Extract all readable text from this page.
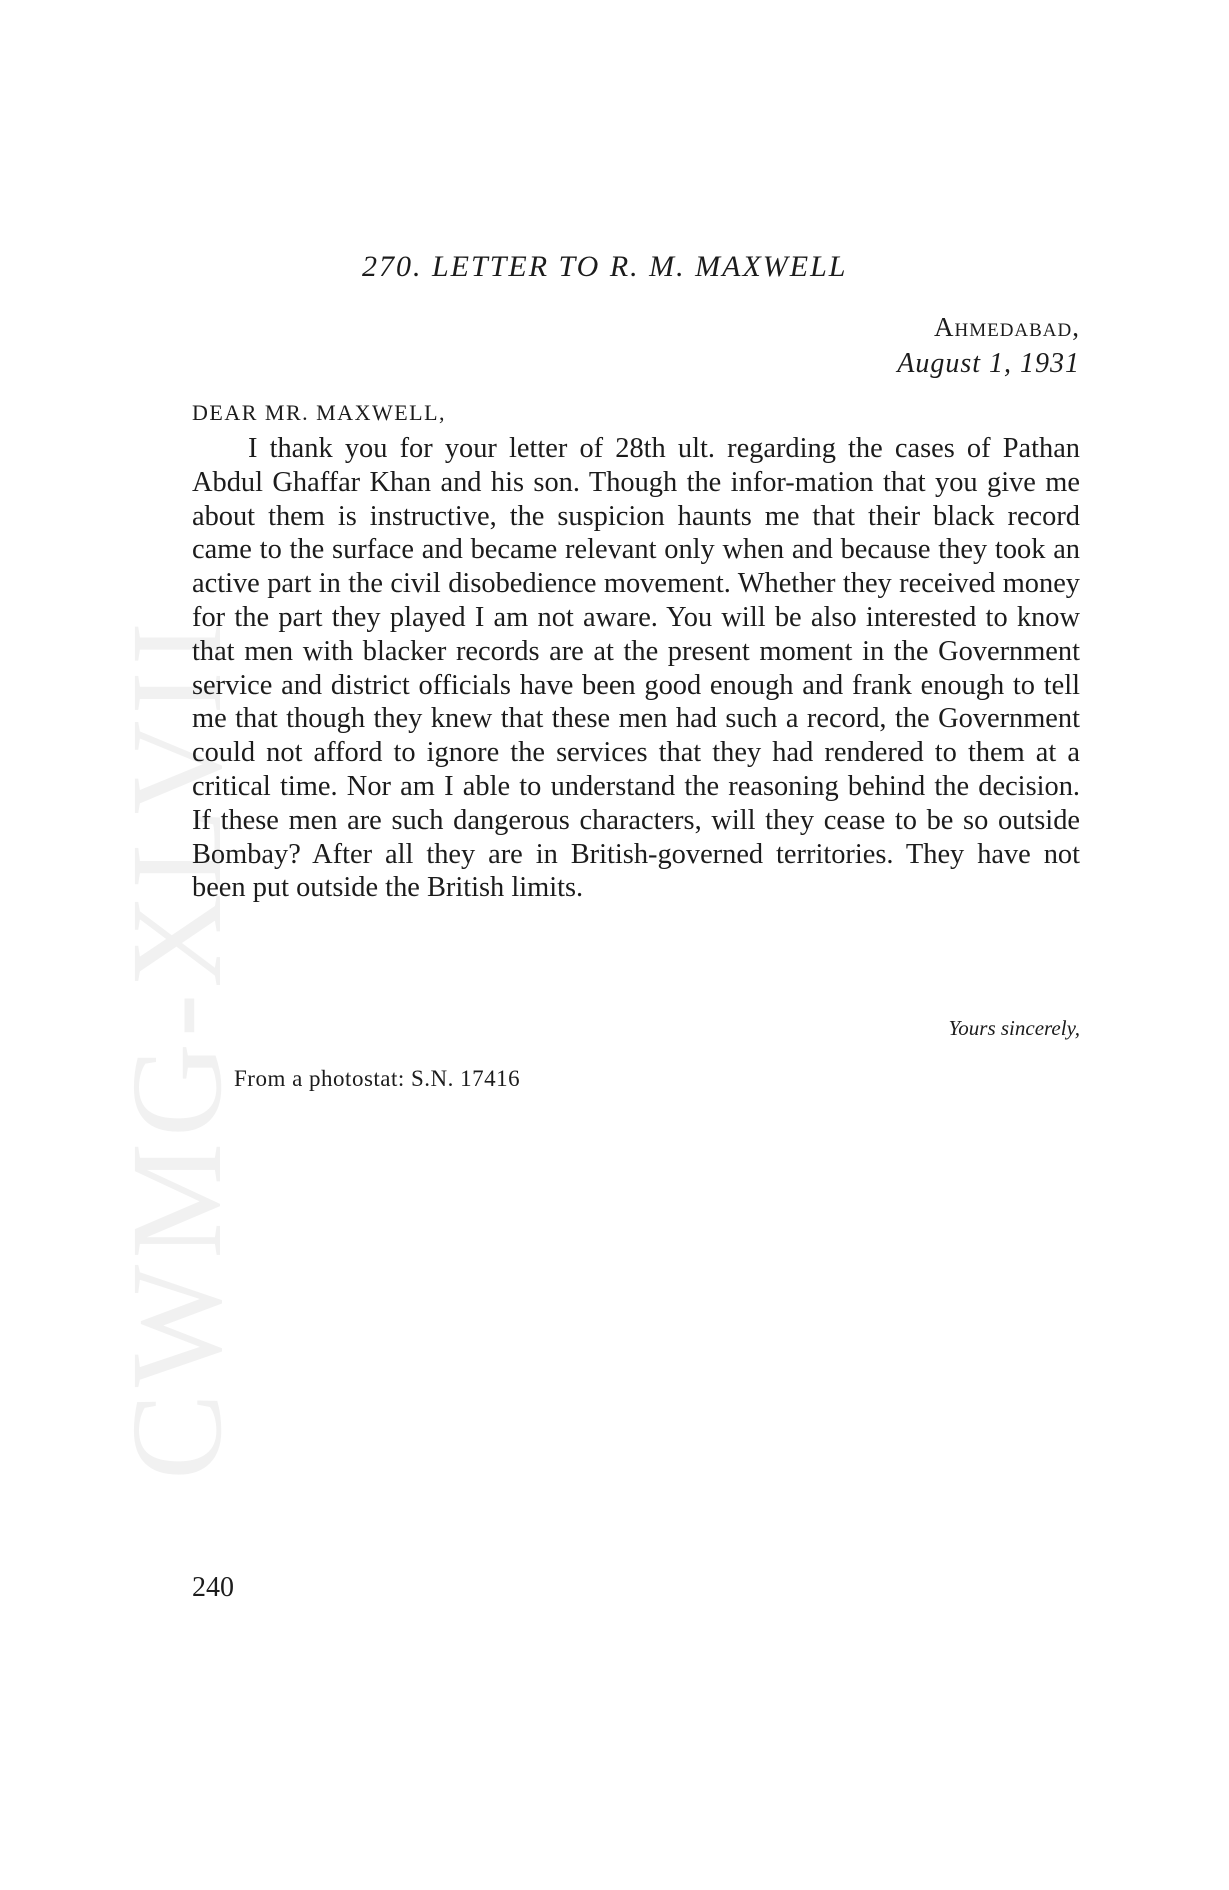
CWMG-XLVII
270. LETTER TO R. M. MAXWELL
Ahmedabad,
August 1, 1931
DEAR MR. MAXWELL,

I thank you for your letter of 28th ult. regarding the cases of Pathan Abdul Ghaffar Khan and his son. Though the infor-mation that you give me about them is instructive, the suspicion haunts me that their black record came to the surface and became relevant only when and because they took an active part in the civil disobedience movement. Whether they received money for the part they played I am not aware. You will be also interested to know that men with blacker records are at the present moment in the Government service and district officials have been good enough and frank enough to tell me that though they knew that these men had such a record, the Government could not afford to ignore the services that they had rendered to them at a critical time. Nor am I able to understand the reasoning behind the decision. If these men are such dangerous characters, will they cease to be so outside Bombay? After all they are in British-governed territories. They have not been put outside the British limits.

Yours sincerely,
From a photostat: S.N. 17416
240
